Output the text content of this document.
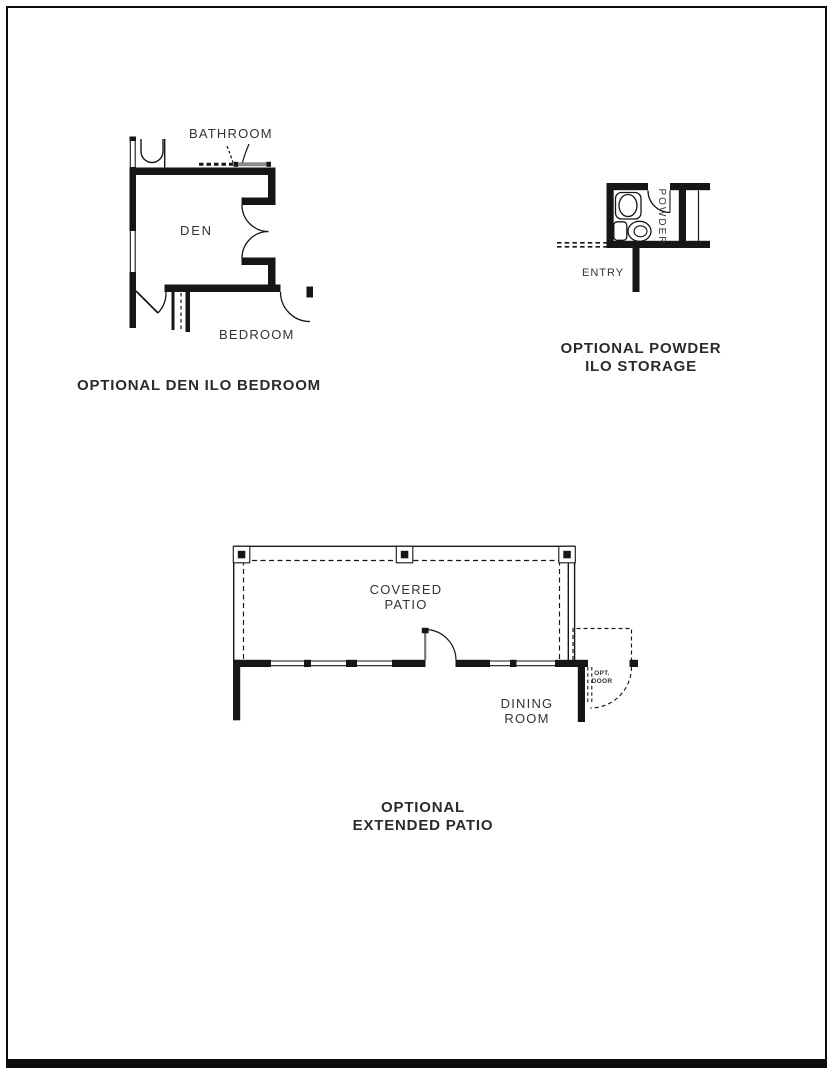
BATHROOM
DEN
BEDROOM
OPTIONAL DEN ILO BEDROOM
POWDER
ENTRY
OPTIONAL POWDER
ILO STORAGE
COVERED
PATIO
DINING
ROOM
OPT.
DOOR
OPTIONAL
EXTENDED PATIO
